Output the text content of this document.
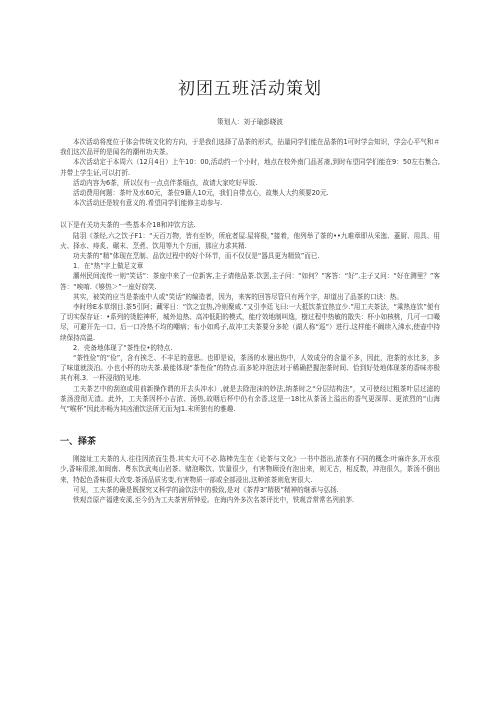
初团五班活动策划
策划人：刘子瑜彭晓波

本次活动将度位于体会传统文化的方向，于是我们选择了品茶的形式，拈量同学们能在品茶的1可时学会知识，学会心平气和＃我们这次品评的是闻名的潮州功夫茶。

本次活动定于本周六（12月4日）上午10：00,活动约一个小时，地点在校外南门品茗斋,到时布望同学们能在9：50左右集合,并带上学生证,可以打折.

活动内容为6茶，所以仅有一点点伴茶缁点，故请大家吃好早饭.

活动费用何题：茶叶及水60元，茶位9籍人10元，我们自带点心，故集人大约须要20元.

本次活动还是较有意义的.希望同学们能修主动参与.

以下是有关功夫茶的一些基本介18和冲饮方法.

陆羽《茶经,六之饮子F1：“天百万物，皆有至妙，所庇者屋.屋将极，”接着，他列举了茶的••九难章即从采迤、蓋厨、用具、用火、择水、痔炙、碾末、烹煮、饮用等九个方面，那应力求其精.

功夫茶的“精”体现在烹制、品饮过程中的好个环节，而不仅仅是“器具更为精致”而已.

1．在“热”字上做足文章

潮州民间流传一则“笑话”：茶座中来了一位新客,主子请他品茶.饮罢,主子问：“如何？”客答：“好”.主子又问：“好在测里？”客答：“唉唷.《够热＞”一座好窃笑.

其实，被笑的应当是茶座中人或“笑话”的编造者，因为，来客的回答尽管只有两个字，却道出了品茶的口诀：热。

李时珍E本草纲目.茶5引阿；藏零日：“饮之宜热,冷则聚咸.”又引李廷飞曰:一大抵饮茶宜热宜少.”用工夫茶法，“乘热连饮”便有了切实保存证：•系列的烫腔神杯，城外迫热、高冲低阳的模式，能疗效地制叫逸，樹过程中热敏的散失：杯小如核桃，几可一口嘬尽，可避开先一口、后一口冷热不均的嘲病；布小如鸡子,故冲工夫茶要分多轮（湖人称“巡”）进行.这样能不阚续入沸水,使壶中持续保持高温.

2．壳备地体现了“茶性位•的特点.

“茶性俭”的“俭”，含有挨乏、不丰足的意思。也即是说，茶汤的水谩出热中，人效成分的含量不多，因此，泡茶的水比多，多了味道就淡泊。小也小杯的功夫茶.最能体现“茶性俭”的特点.而多轮冲泡法对于稀确把握泡茶时间、恰到好处地体现茶的香味亦极其有利.3．一杯浸彻的见地.

工夫茶艺中的刮泡或用前新操作谓的开去头冲水）,就是去除泡沫的妙法,纳茶时之“分层结构法”，又可使经过粗茶叶层过滤的茶汤澄彻无渣。此外，工夫茶因杯小吉浓、汤热,故咽后杯中仍有余香,这是一18比从茶汤上溢出的香气更深厚、更浓烈的“山海气”喉杯”因此亦畅为其凶浦饮法所无而为J1.末所独有的雅趣.

一、择茶

刚接址工夫茶的人.往往因浓而生畏.其实大可不必.陈棒先生在《论茶与文化》一书中指出,浓茶有不同的概念:叶麻许多,开水很少,香味很浓,如闽南、粤东饮武夷山岩茶、赌泡喉饮、饮量很少，有害物顾没有泡出来，则无古，相反数，冲泡很久，茶汤不倒出来，特起色香味很大改变.茶汤品质劣变,有害物质一部或全部浸出,这种浓茶则危害很大.

可见，工夫茶的确是既探究又科学的渝饮法中的极致,是对《茶荐3”精极”精神的继承与弘扬.

铁观音原产福建安溪,至今仍为工夫茶害所钟爱。在海内外多次名茶评比中，铁观音常常名列前茅.
